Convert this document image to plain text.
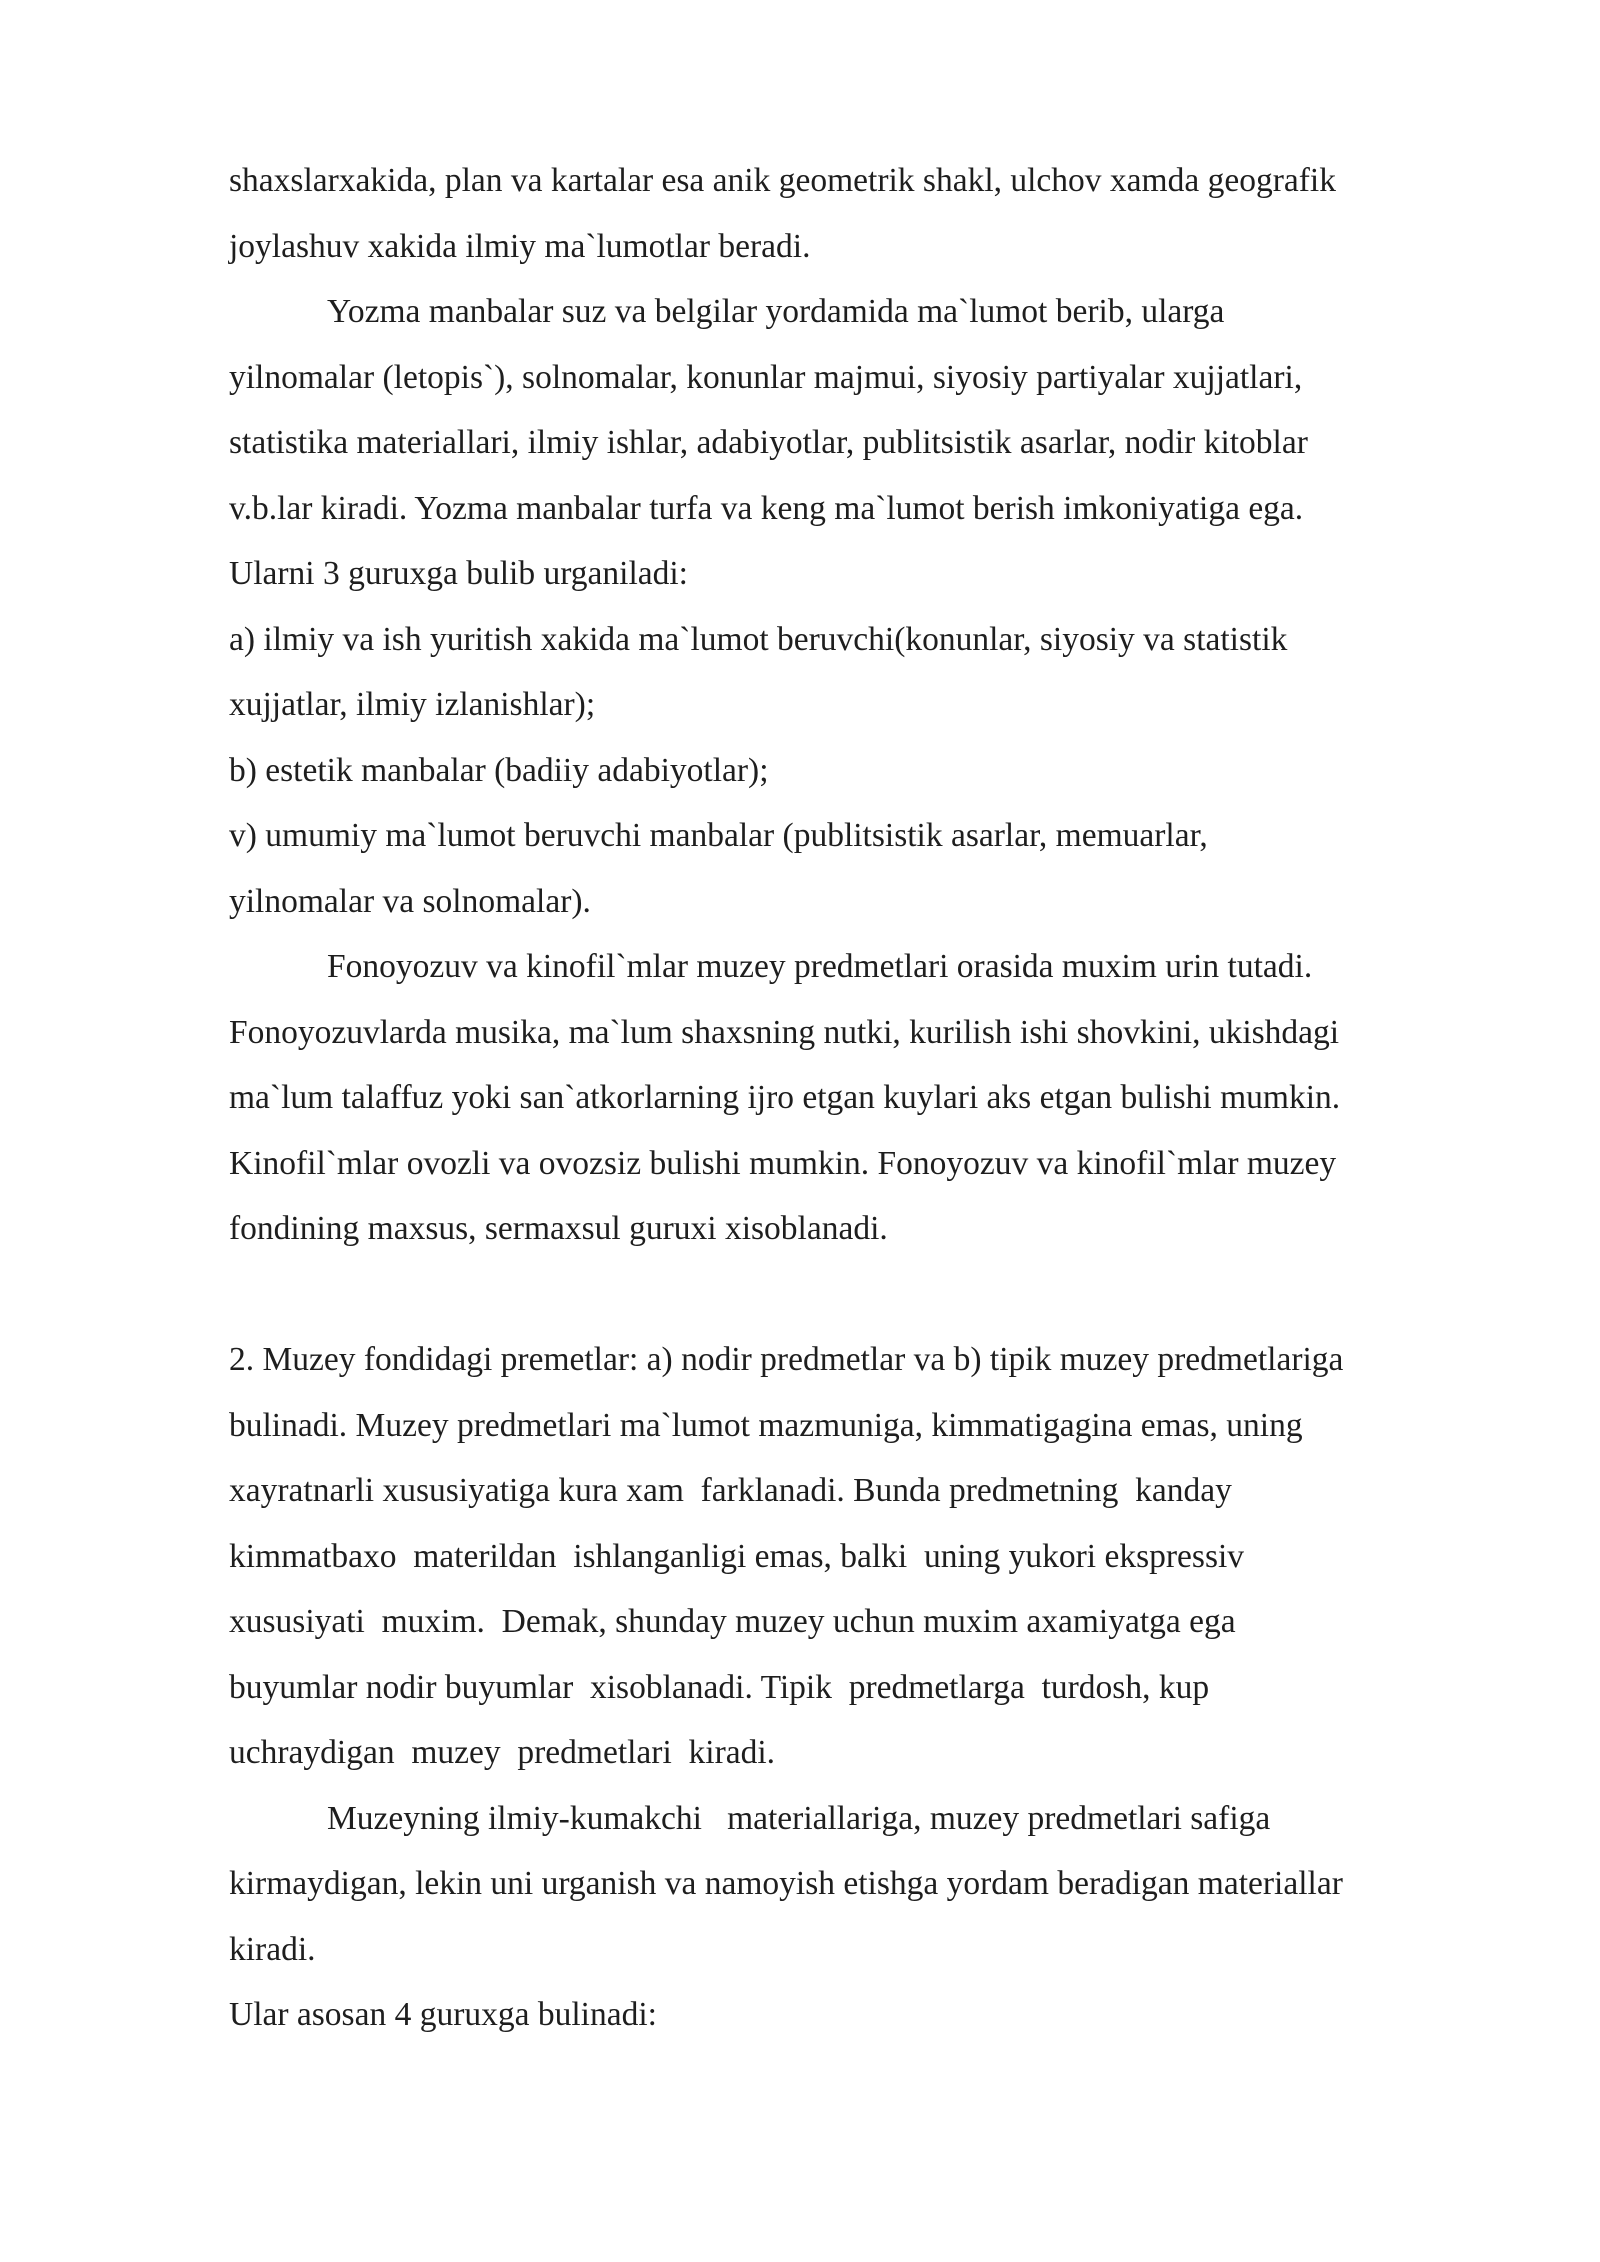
shaxslarxakida, plan va kartalar esa anik geometrik shakl, ulchov xamda geografik
joylashuv xakida ilmiy ma`lumotlar beradi.

Yozma manbalar suz va belgilar yordamida ma`lumot berib, ularga
yilnomalar (letopis`), solnomalar, konunlar majmui, siyosiy partiyalar xujjatlari,
statistika materiallari, ilmiy ishlar, adabiyotlar, publitsistik asarlar, nodir kitoblar
v.b.lar kiradi. Yozma manbalar turfa va keng ma`lumot berish imkoniyatiga ega.
Ularni 3 guruxga bulib urganiladi:

a) ilmiy va ish yuritish xakida ma`lumot beruvchi(konunlar, siyosiy va statistik
xujjatlar, ilmiy izlanishlar);

b) estetik manbalar (badiiy adabiyotlar);

v) umumiy ma`lumot beruvchi manbalar (publitsistik asarlar, memuarlar,
yilnomalar va solnomalar).

Fonoyozuv va kinofil`mlar muzey predmetlari orasida muxim urin tutadi.
Fonoyozuvlarda musika, ma`lum shaxsning nutki, kurilish ishi shovkini, ukishdagi
ma`lum talaffuz yoki san`atkorlarning ijro etgan kuylari aks etgan bulishi mumkin.
Kinofil`mlar ovozli va ovozsiz bulishi mumkin. Fonoyozuv va kinofil`mlar muzey
fondining maxsus, sermaxsul guruxi xisoblanadi.

2. Muzey fondidagi premetlar: a) nodir predmetlar va b) tipik muzey predmetlariga
bulinadi. Muzey predmetlari ma`lumot mazmuniga, kimmatigagina emas, uning
xayratnarli xususiyatiga kura xam  farklanadi. Bunda predmetning  kanday
kimmatbaxo  materildan  ishlanganligi emas, balki  uning yukori ekspressiv
xususiyati  muxim.  Demak, shunday muzey uchun muxim axamiyatga ega
buyumlar nodir buyumlar  xisoblanadi. Tipik  predmetlarga  turdosh, kup
uchraydigan  muzey  predmetlari  kiradi.

Muzeyning ilmiy-kumakchi   materiallariga, muzey predmetlari safiga
kirmaydigan, lekin uni urganish va namoyish etishga yordam beradigan materiallar
kiradi.

Ular asosan 4 guruxga bulinadi:
